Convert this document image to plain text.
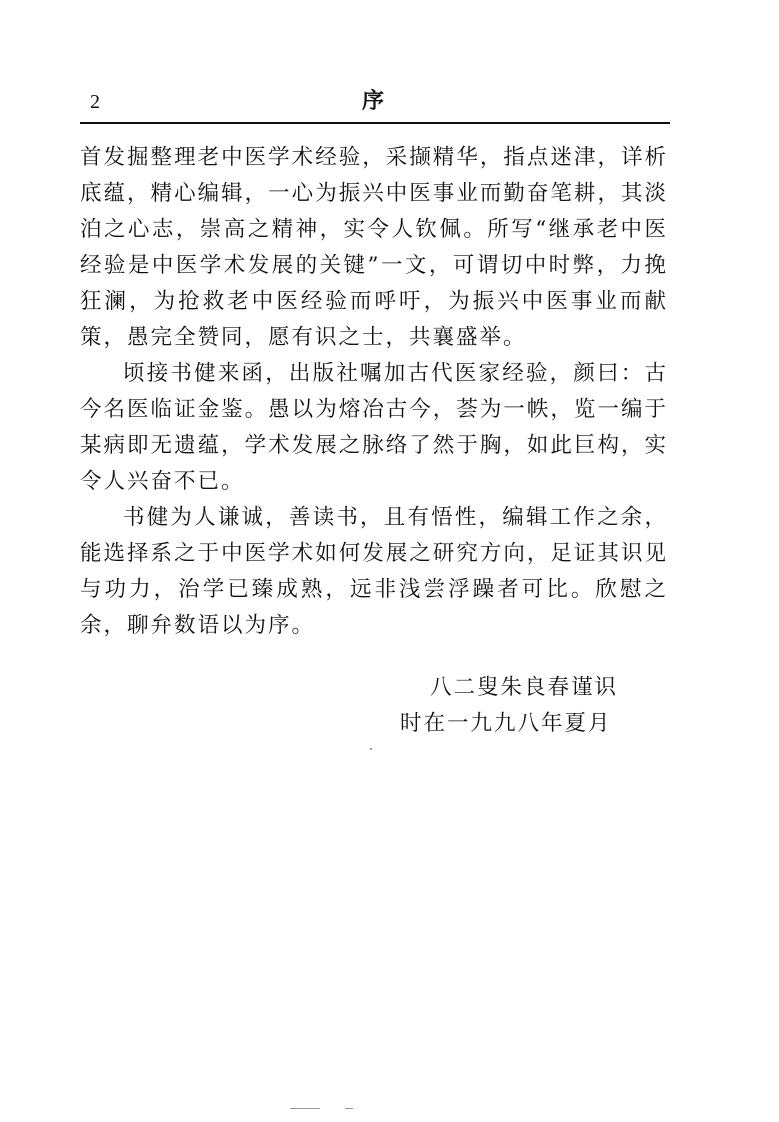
2	序

首发掘整理老中医学术经验，采撷精华，指点迷津，详析底蕴，精心编辑，一心为振兴中医事业而勤奋笔耕，其淡泊之心志，崇高之精神，实令人钦佩。所写“继承老中医经验是中医学术发展的关键”一文，可谓切中时弊，力挽狂澜，为抢救老中医经验而呼吁，为振兴中医事业而献策，愚完全赞同，愿有识之士，共襄盛举。

顷接书健来函，出版社嘱加古代医家经验，颜曰：古今名医临证金鉴。愚以为熔冶古今，荟为一帙，览一编于某病即无遗蕴，学术发展之脉络了然于胸，如此巨构，实令人兴奋不已。

书健为人谦诚，善读书，且有悟性，编辑工作之余，能选择系之于中医学术如何发展之研究方向，足证其识见与功力，治学已臻成熟，远非浅尝浮躁者可比。欣慰之余，聊弁数语以为序。

八二叟朱良春谨识
时在一九九八年夏月
